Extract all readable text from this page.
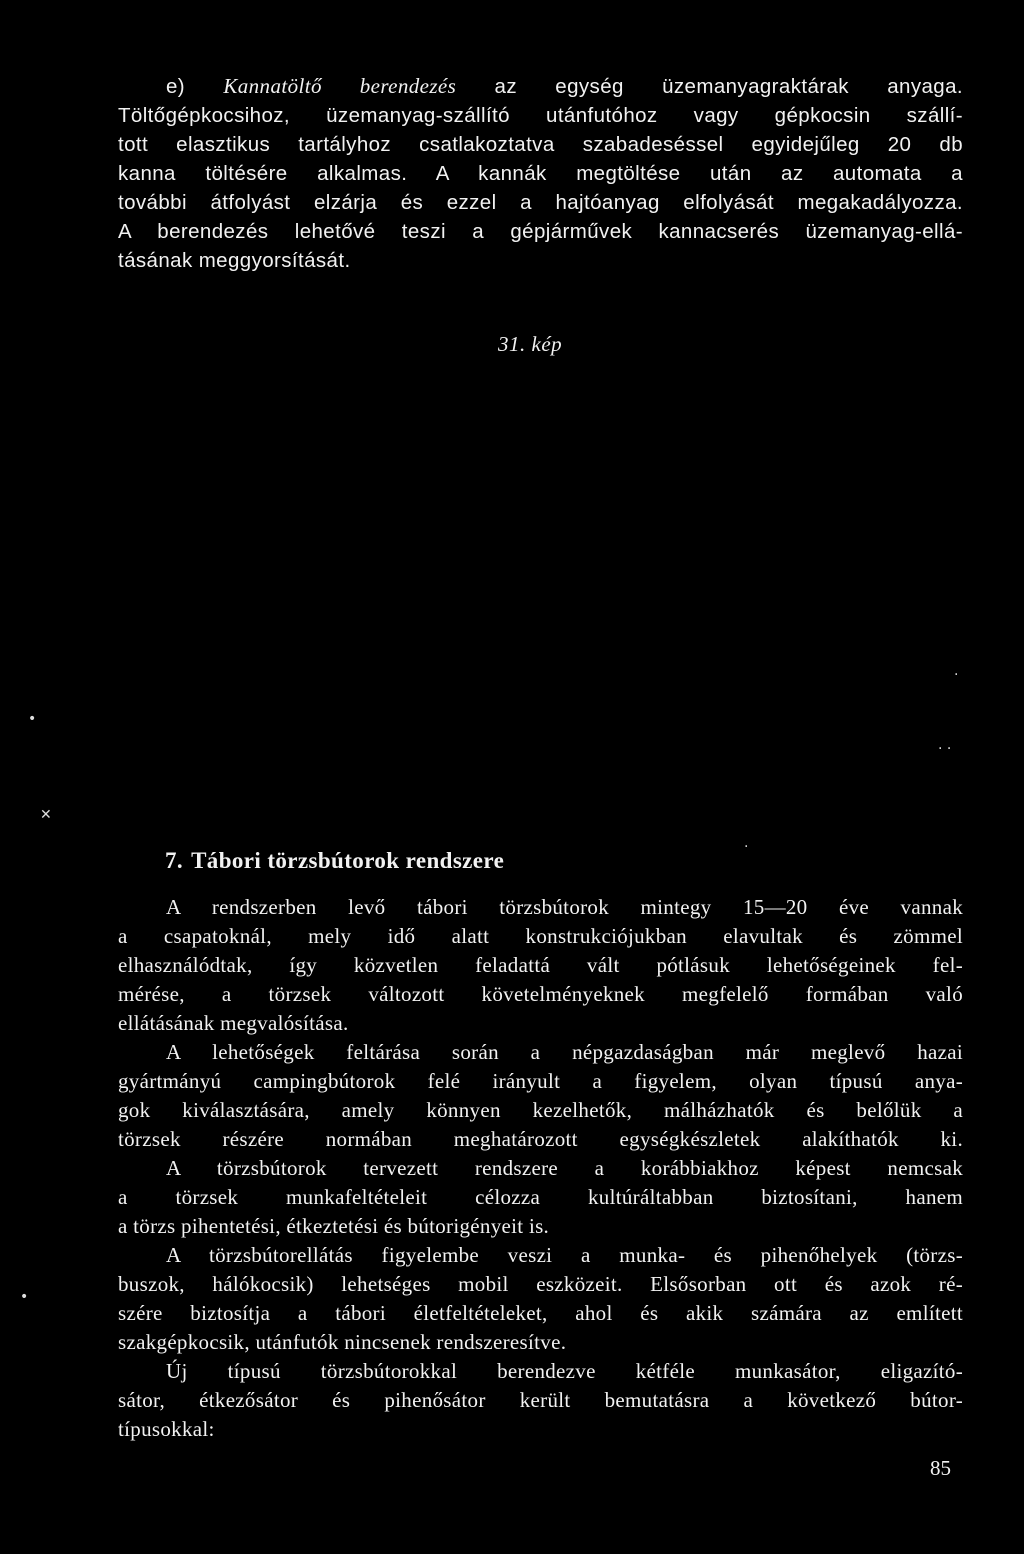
e) Kannatöltő berendezés az egység üzemanyagraktárak anyaga.
Töltőgépkocsihoz, üzemanyag-szállító utánfutóhoz vagy gépkocsin szállí-
tott elasztikus tartályhoz csatlakoztatva szabadeséssel egyidejűleg 20 db
kanna töltésére alkalmas. A kannák megtöltése után az automata a
további átfolyást elzárja és ezzel a hajtóanyag elfolyását megakadályozza.
A berendezés lehetővé teszi a gépjárművek kannacserés üzemanyag-ellá-
tásának meggyorsítását.
31. kép
•
· ·
·
✕
·
•
7. Tábori törzsbútorok rendszere
A rendszerben levő tábori törzsbútorok mintegy 15—20 éve vannak
a csapatoknál, mely idő alatt konstrukciójukban elavultak és zömmel
elhasználódtak, így közvetlen feladattá vált pótlásuk lehetőségeinek fel-
mérése, a törzsek változott követelményeknek megfelelő formában való
ellátásának megvalósítása.
A lehetőségek feltárása során a népgazdaságban már meglevő hazai
gyártmányú campingbútorok felé irányult a figyelem, olyan típusú anya-
gok kiválasztására, amely könnyen kezelhetők, málházhatók és belőlük a
törzsek részére normában meghatározott egységkészletek alakíthatók ki.
A törzsbútorok tervezett rendszere a korábbiakhoz képest nemcsak
a törzsek munkafeltételeit célozza kultúráltabban biztosítani, hanem
a törzs pihentetési, étkeztetési és bútorigényeit is.
A törzsbútorellátás figyelembe veszi a munka- és pihenőhelyek (törzs-
buszok, hálókocsik) lehetséges mobil eszközeit. Elsősorban ott és azok ré-
szére biztosítja a tábori életfeltételeket, ahol és akik számára az említett
szakgépkocsik, utánfutók nincsenek rendszeresítve.
Új típusú törzsbútorokkal berendezve kétféle munkasátor, eligazító-
sátor, étkezősátor és pihenősátor került bemutatásra a következő bútor-
típusokkal:
85
